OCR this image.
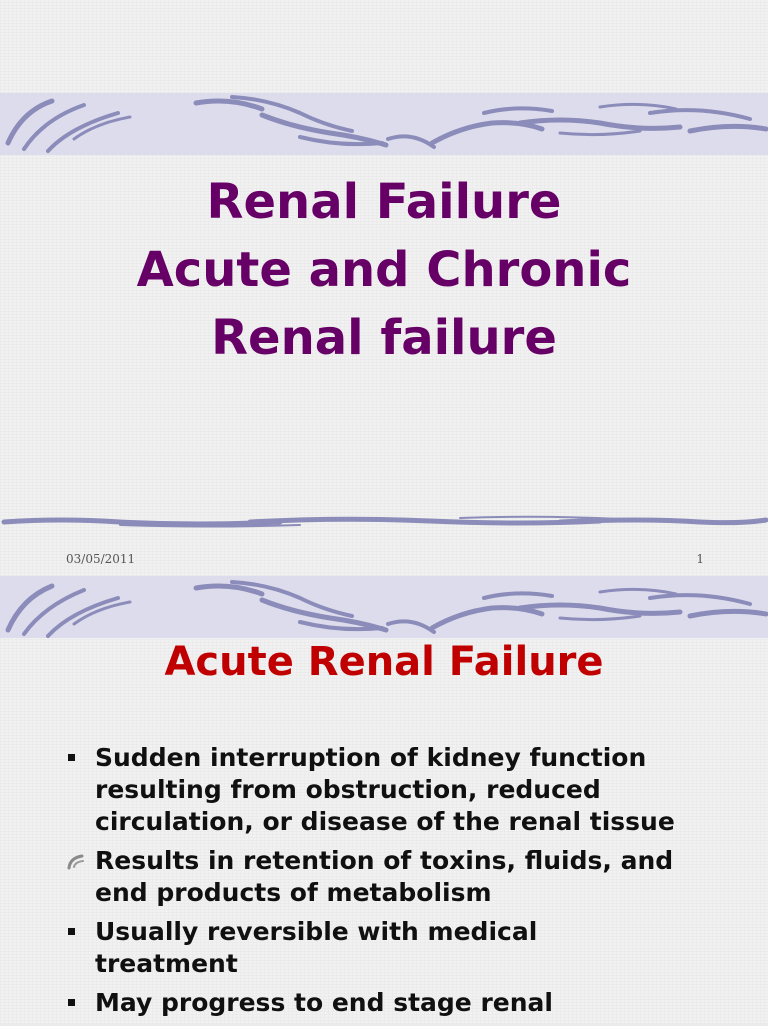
Renal Failure
Acute and Chronic
Renal failure
03/05/2011	1
Acute Renal Failure
Sudden interruption of kidney function
resulting from obstruction, reduced
circulation, or disease of the renal tissue
Results in retention of toxins, fluids, and
end products of metabolism
Usually reversible with medical
treatment
May progress to end stage renal
